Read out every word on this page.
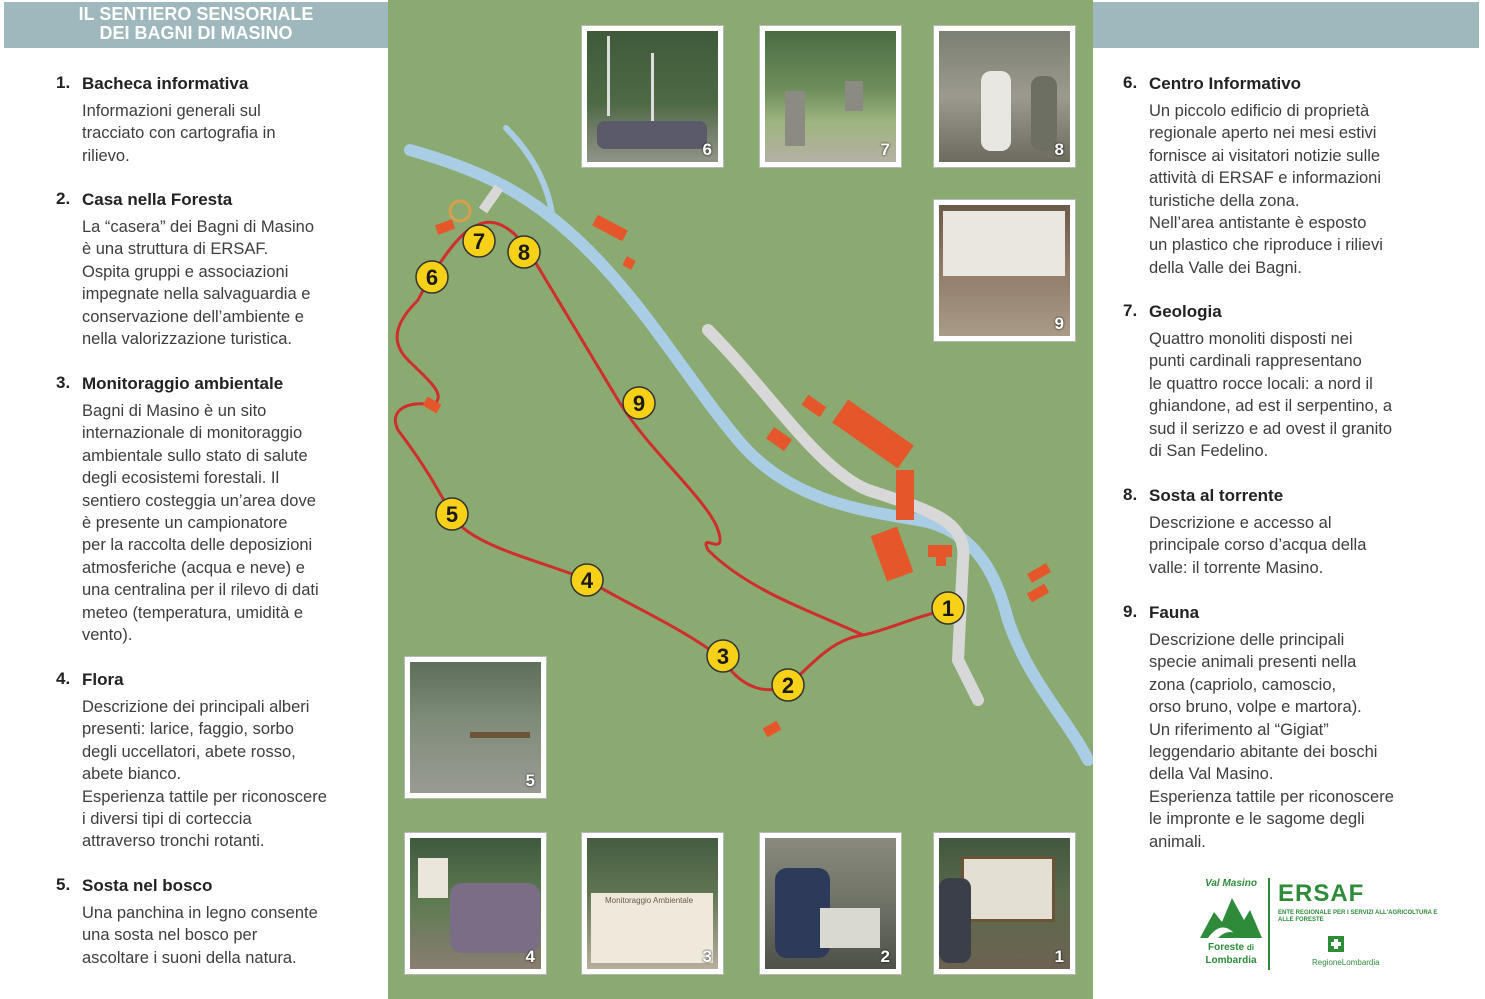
IL SENTIERO SENSORIALE
DEI BAGNI DI MASINO
1. Bacheca informativa
Informazioni generali sul
tracciato con cartografia in
rilievo.
2. Casa nella Foresta
La “casera” dei Bagni di Masino
è una struttura di ERSAF.
Ospita gruppi e associazioni
impegnate nella salvaguardia e
conservazione dell’ambiente e
nella valorizzazione turistica.
3. Monitoraggio ambientale
Bagni di Masino è un sito
internazionale di monitoraggio
ambientale sullo stato di salute
degli ecosistemi forestali. Il
sentiero costeggia un’area dove
è presente un campionatore
per la raccolta delle deposizioni
atmosferiche (acqua e neve) e
una centralina per il rilevo di dati
meteo (temperatura, umidità e
vento).
4. Flora
Descrizione dei principali alberi
presenti: larice, faggio, sorbo
degli uccellatori, abete rosso,
abete bianco.
Esperienza tattile per riconoscere
i diversi tipi di corteccia
attraverso tronchi rotanti.
5. Sosta nel bosco
Una panchina in legno consente
una sosta nel bosco per
ascoltare i suoni della natura.
1
2
3
4
5
6
7 8
9
6	7	8
9
5
4
Monitoraggio Ambientale
3	2	1
6. Centro Informativo
Un piccolo edificio di proprietà
regionale aperto nei mesi estivi
fornisce ai visitatori notizie sulle
attività di ERSAF e informazioni
turistiche della zona.
Nell’area antistante è esposto
un plastico che riproduce i rilievi
della Valle dei Bagni.
7. Geologia
Quattro monoliti disposti nei
punti cardinali rappresentano
le quattro rocce locali: a nord il
ghiandone, ad est il serpentino, a
sud il serizzo e ad ovest il granito
di San Fedelino.
8. Sosta al torrente
Descrizione e accesso al
principale corso d’acqua della
valle: il torrente Masino.
9. Fauna
Descrizione delle principali
specie animali presenti nella
zona (capriolo, camoscio,
orso bruno, volpe e martora).
Un riferimento al “Gigiat”
leggendario abitante dei boschi
della Val Masino.
Esperienza tattile per riconoscere
le impronte e le sagome degli
animali.
Val Masino
Foreste di
Lombardia
ERSAF
ENTE REGIONALE PER I SERVIZI ALL'AGRICOLTURA E ALLE FORESTE
RegioneLombardia
